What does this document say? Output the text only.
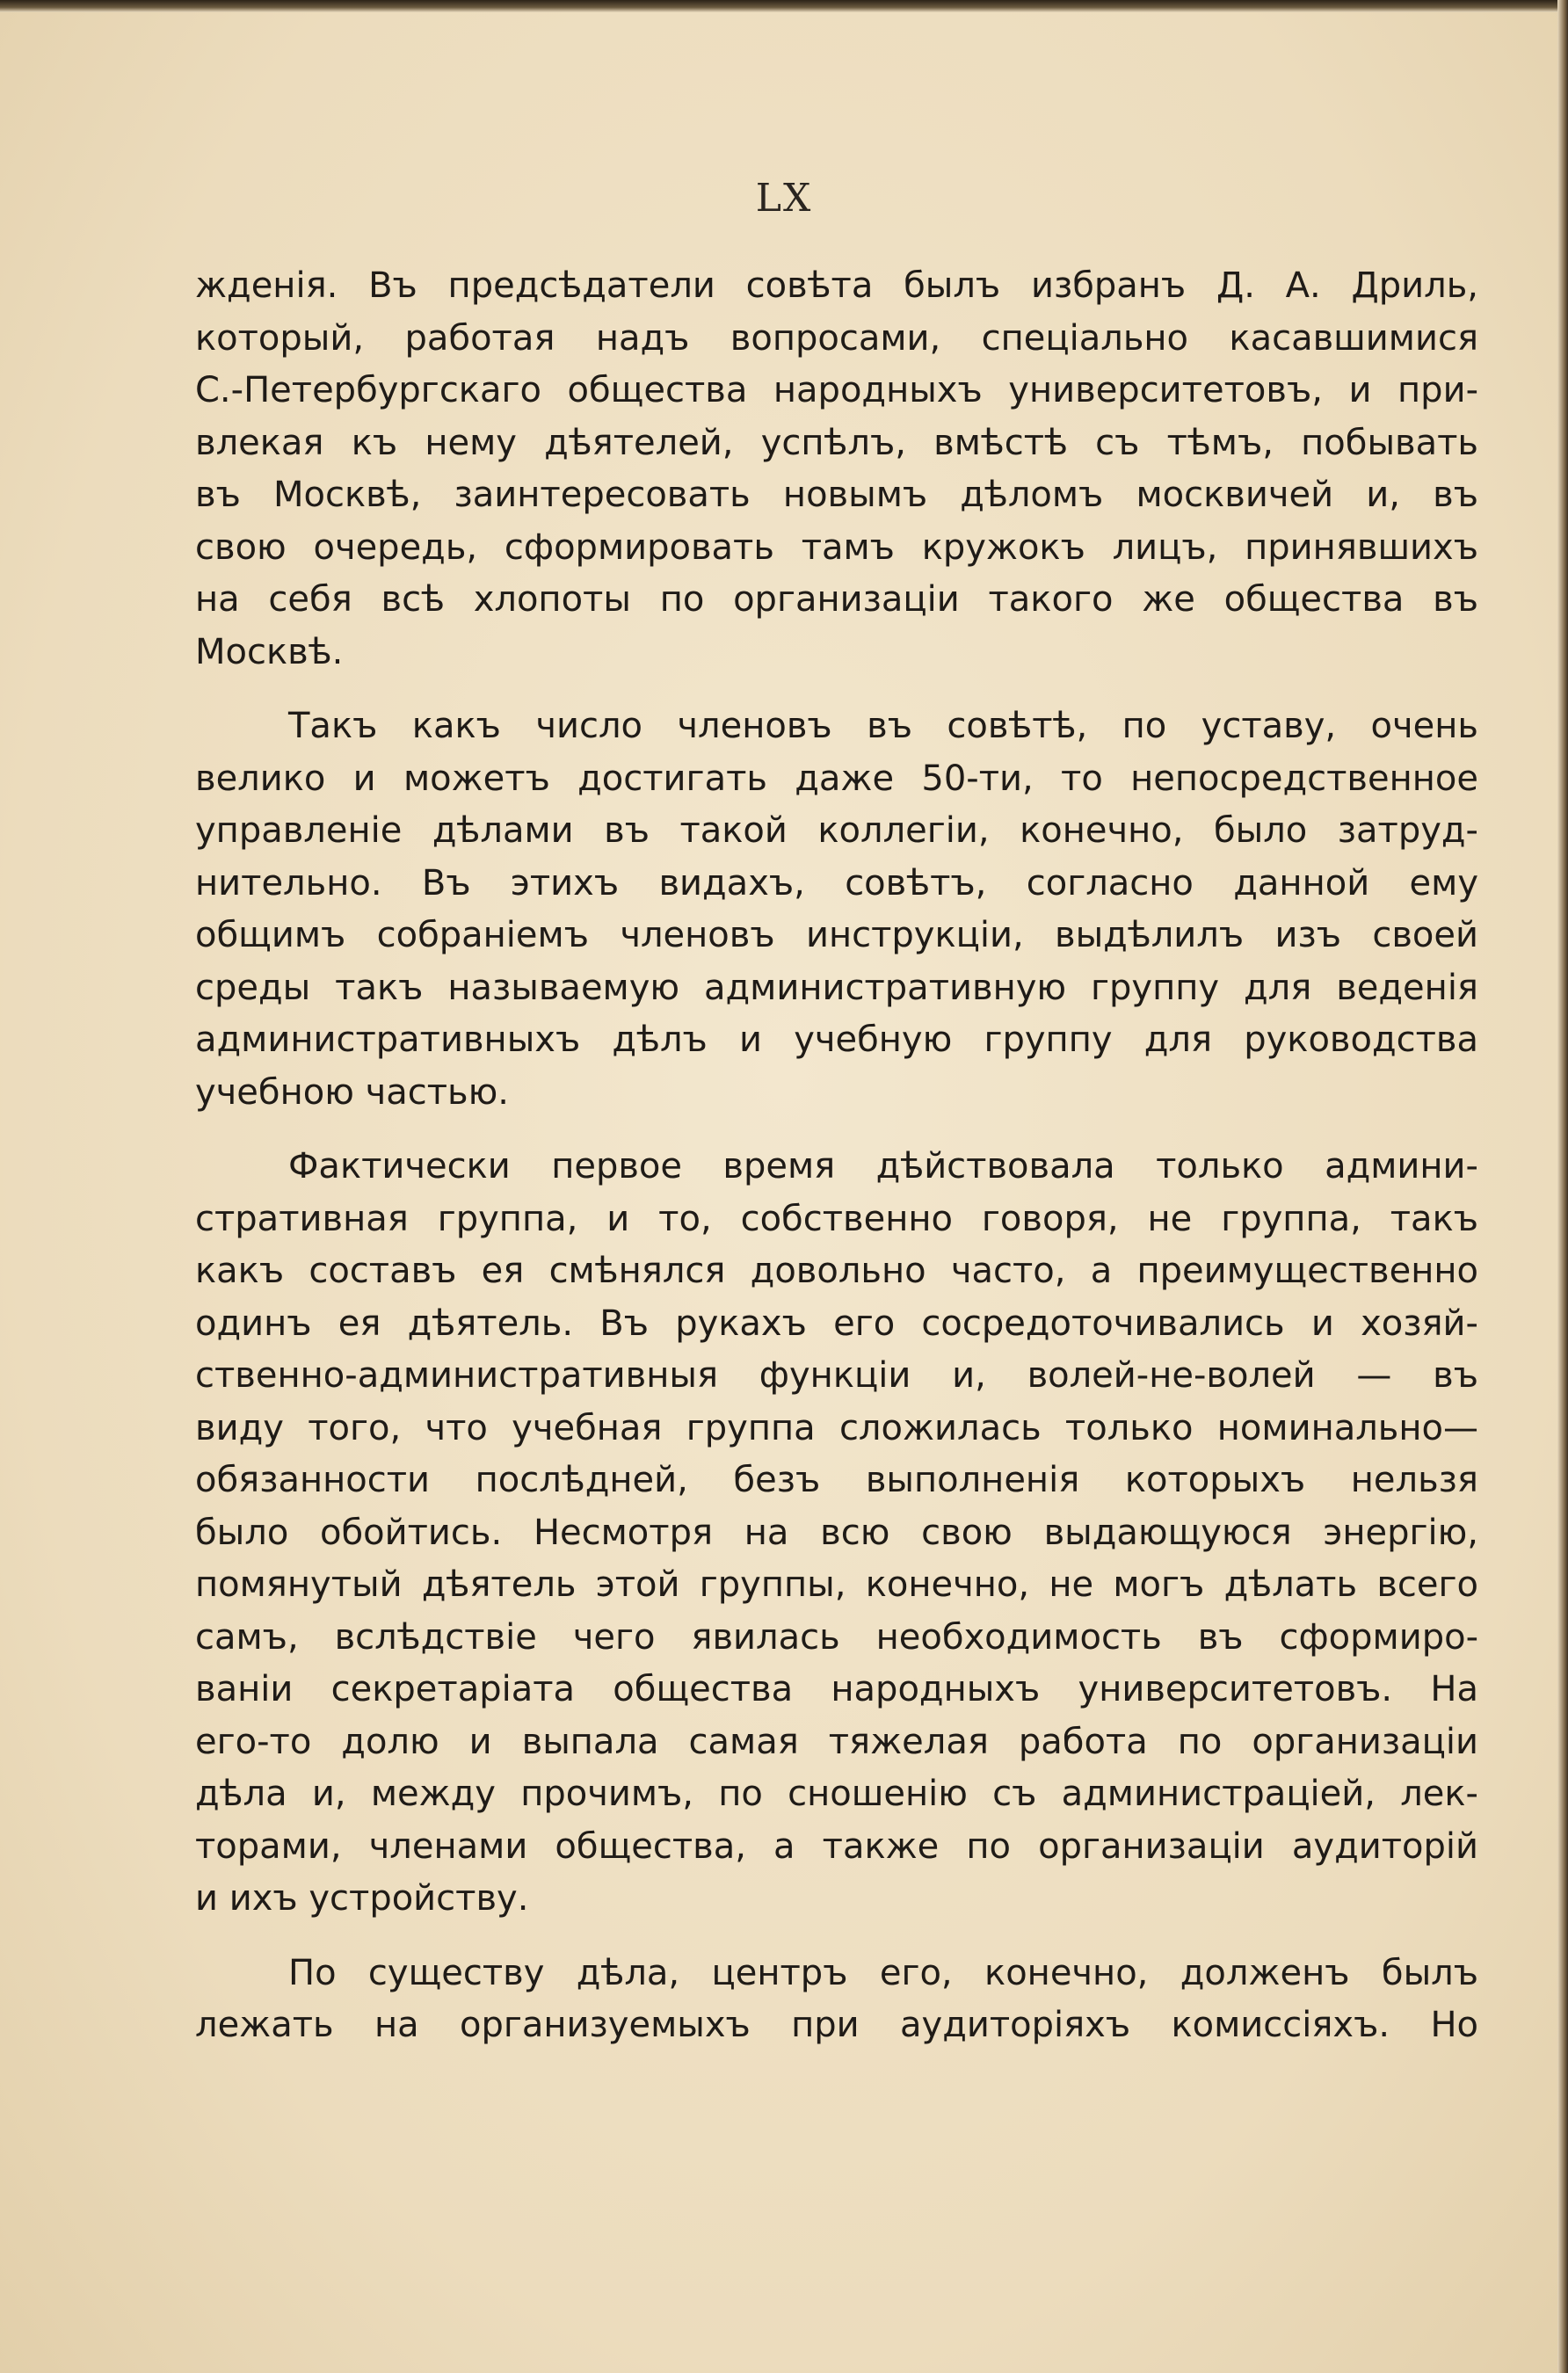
LX
жденія. Въ предсѣдатели совѣта былъ избранъ Д. А. Дриль,
который, работая надъ вопросами, спеціально касавшимися
С.-Петербургскаго общества народныхъ университетовъ, и при-
влекая къ нему дѣятелей, успѣлъ, вмѣстѣ съ тѣмъ, побывать
въ Москвѣ, заинтересовать новымъ дѣломъ москвичей и, въ
свою очередь, сформировать тамъ кружокъ лицъ, принявшихъ
на себя всѣ хлопоты по организаціи такого же общества въ
Москвѣ.
Такъ какъ число членовъ въ совѣтѣ, по уставу, очень
велико и можетъ достигать даже 50-ти, то непосредственное
управленіе дѣлами въ такой коллегіи, конечно, было затруд-
нительно. Въ этихъ видахъ, совѣтъ, согласно данной ему
общимъ собраніемъ членовъ инструкціи, выдѣлилъ изъ своей
среды такъ называемую административную группу для веденія
административныхъ дѣлъ и учебную группу для руководства
учебною частью.
Фактически первое время дѣйствовала только админи-
стративная группа, и то, собственно говоря, не группа, такъ
какъ составъ ея смѣнялся довольно часто, а преимущественно
одинъ ея дѣятель. Въ рукахъ его сосредоточивались и хозяй-
ственно-административныя функціи и, волей-не-волей — въ
виду того, что учебная группа сложилась только номинально—
обязанности послѣдней, безъ выполненія которыхъ нельзя
было обойтись. Несмотря на всю свою выдающуюся энергію,
помянутый дѣятель этой группы, конечно, не могъ дѣлать всего
самъ, вслѣдствіе чего явилась необходимость въ сформиро-
ваніи секретаріата общества народныхъ университетовъ. На
его-то долю и выпала самая тяжелая работа по организаціи
дѣла и, между прочимъ, по сношенію съ администраціей, лек-
торами, членами общества, а также по организаціи аудиторій
и ихъ устройству.
По существу дѣла, центръ его, конечно, долженъ былъ
лежать на организуемыхъ при аудиторіяхъ комиссіяхъ. Но
